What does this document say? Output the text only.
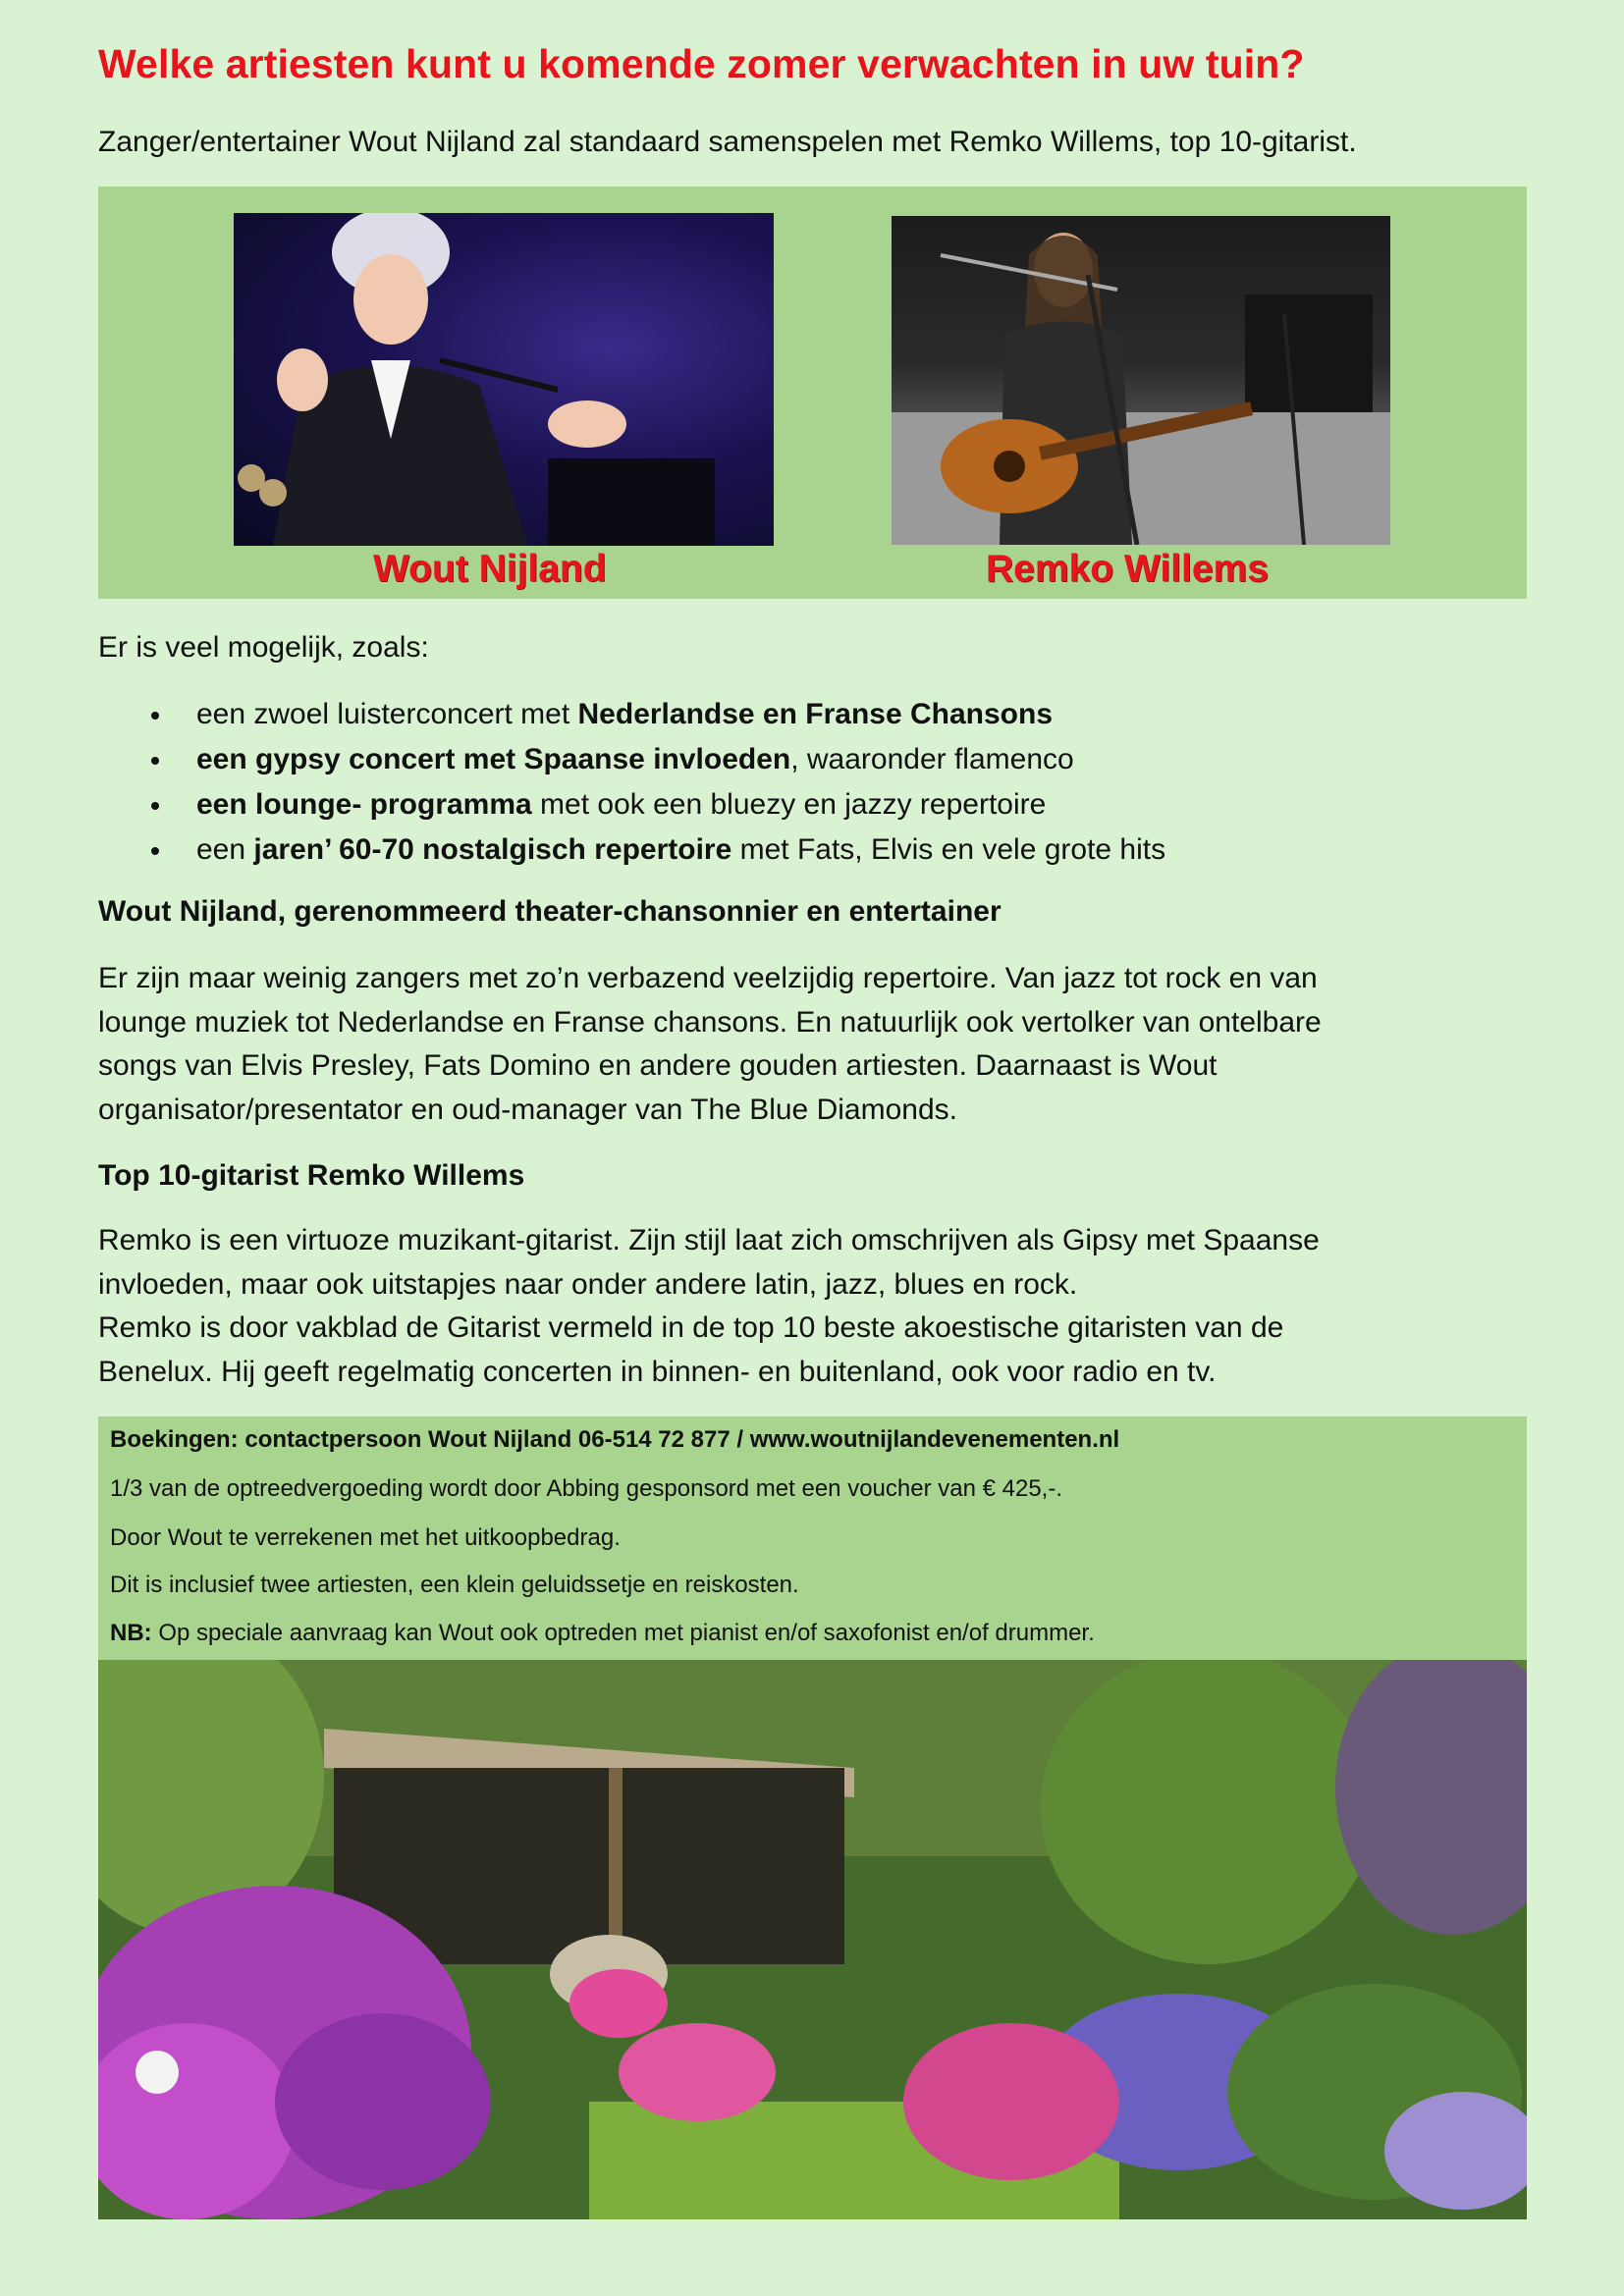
Welke artiesten kunt u komende zomer verwachten in uw tuin?

Zanger/entertainer Wout Nijland zal standaard samenspelen met Remko Willems, top 10-gitarist.

Wout Nijland	Remko Willems

Er is veel mogelijk, zoals:

een zwoel luisterconcert met Nederlandse en Franse Chansons
een gypsy concert met Spaanse invloeden, waaronder flamenco
een lounge- programma met ook een bluezy en jazzy repertoire
een jaren’ 60-70 nostalgisch repertoire met Fats, Elvis en vele grote hits

Wout Nijland, gerenommeerd theater-chansonnier en entertainer

Er zijn maar weinig zangers met zo’n verbazend veelzijdig repertoire. Van jazz tot rock en van
lounge muziek tot Nederlandse en Franse chansons. En natuurlijk ook vertolker van ontelbare
songs van Elvis Presley, Fats Domino en andere gouden artiesten. Daarnaast is Wout
organisator/presentator en oud-manager van The Blue Diamonds.

Top 10-gitarist Remko Willems

Remko is een virtuoze muzikant-gitarist. Zijn stijl laat zich omschrijven als Gipsy met Spaanse
invloeden, maar ook uitstapjes naar onder andere latin, jazz, blues en rock.
Remko is door vakblad de Gitarist vermeld in de top 10 beste akoestische gitaristen van de
Benelux. Hij geeft regelmatig concerten in binnen- en buitenland, ook voor radio en tv.

Boekingen: contactpersoon Wout Nijland 06-514 72 877 / www.woutnijlandevenementen.nl

1/3 van de optreedvergoeding wordt door Abbing gesponsord met een voucher van € 425,-.

Door Wout te verrekenen met het uitkoopbedrag.

Dit is inclusief twee artiesten, een klein geluidssetje en reiskosten.

NB: Op speciale aanvraag kan Wout ook optreden met pianist en/of saxofonist en/of drummer.
